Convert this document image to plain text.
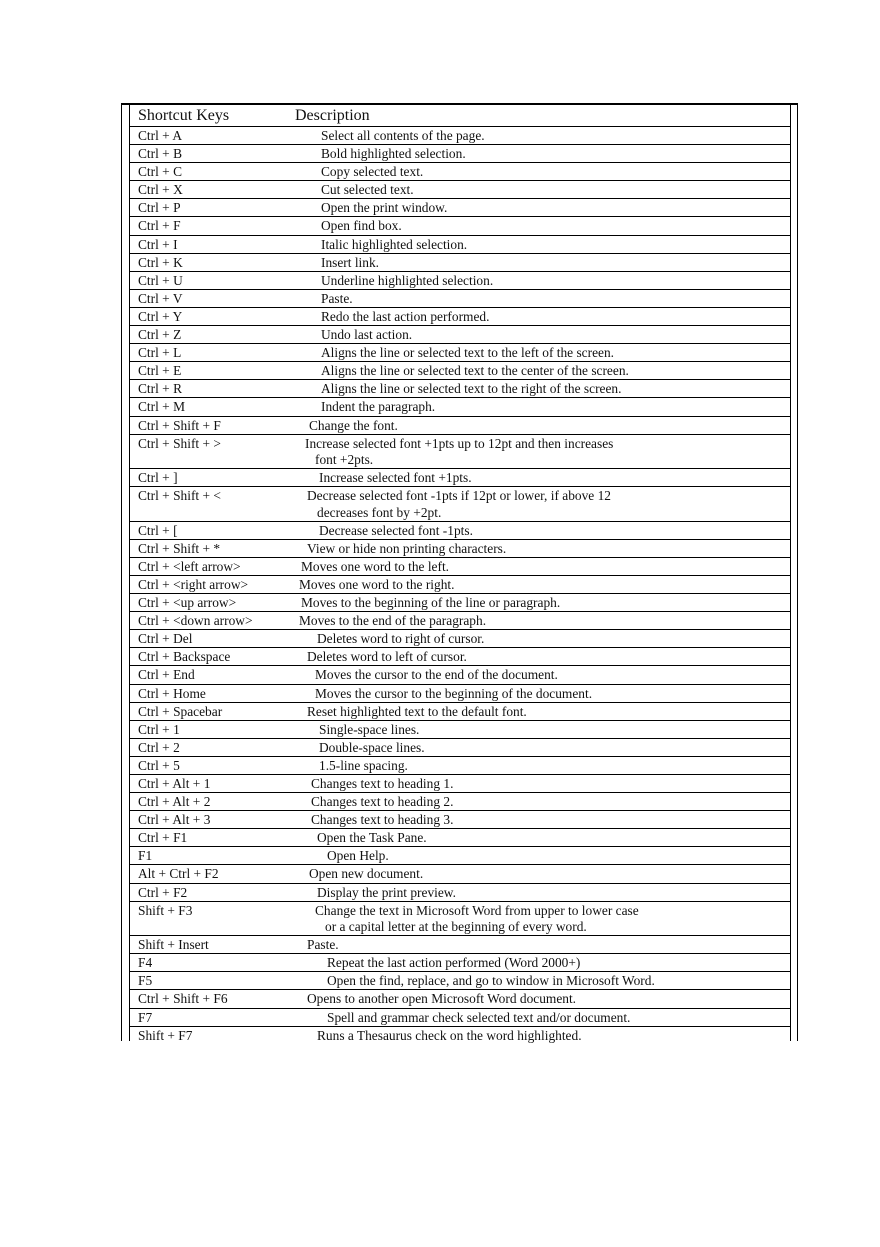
Shortcut Keys	Description
Ctrl + A	Select all contents of the page.
Ctrl + B	Bold highlighted selection.
Ctrl + C	Copy selected text.
Ctrl + X	Cut selected text.
Ctrl + P	Open the print window.
Ctrl + F	Open find box.
Ctrl + I	Italic highlighted selection.
Ctrl + K	Insert link.
Ctrl + U	Underline highlighted selection.
Ctrl + V	Paste.
Ctrl + Y	Redo the last action performed.
Ctrl + Z	Undo last action.
Ctrl + L	Aligns the line or selected text to the left of the screen.
Ctrl + E	Aligns the line or selected text to the center of the screen.
Ctrl + R	Aligns the line or selected text to the right of the screen.
Ctrl + M	Indent the paragraph.
Ctrl + Shift + F	Change the font.
Ctrl + Shift + >	Increase selected font +1pts up to 12pt and then increases
font +2pts.
Ctrl + ]	Increase selected font +1pts.
Ctrl + Shift + <	Decrease selected font -1pts if 12pt or lower, if above 12
decreases font by +2pt.
Ctrl + [	Decrease selected font -1pts.
Ctrl + Shift + *	View or hide non printing characters.
Ctrl + <left arrow>	Moves one word to the left.
Ctrl + <right arrow>	Moves one word to the right.
Ctrl + <up arrow>	Moves to the beginning of the line or paragraph.
Ctrl + <down arrow>	Moves to the end of the paragraph.
Ctrl + Del	Deletes word to right of cursor.
Ctrl + Backspace	Deletes word to left of cursor.
Ctrl + End	Moves the cursor to the end of the document.
Ctrl + Home	Moves the cursor to the beginning of the document.
Ctrl + Spacebar	Reset highlighted text to the default font.
Ctrl + 1	Single-space lines.
Ctrl + 2	Double-space lines.
Ctrl + 5	1.5-line spacing.
Ctrl + Alt + 1	Changes text to heading 1.
Ctrl + Alt + 2	Changes text to heading 2.
Ctrl + Alt + 3	Changes text to heading 3.
Ctrl + F1	Open the Task Pane.
F1	Open Help.
Alt + Ctrl + F2	Open new document.
Ctrl + F2	Display the print preview.
Shift + F3	Change the text in Microsoft Word from upper to lower case
or a capital letter at the beginning of every word.
Shift + Insert	Paste.
F4	Repeat the last action performed (Word 2000+)
F5	Open the find, replace, and go to window in Microsoft Word.
Ctrl + Shift + F6	Opens to another open Microsoft Word document.
F7	Spell and grammar check selected text and/or document.
Shift + F7	Runs a Thesaurus check on the word highlighted.
